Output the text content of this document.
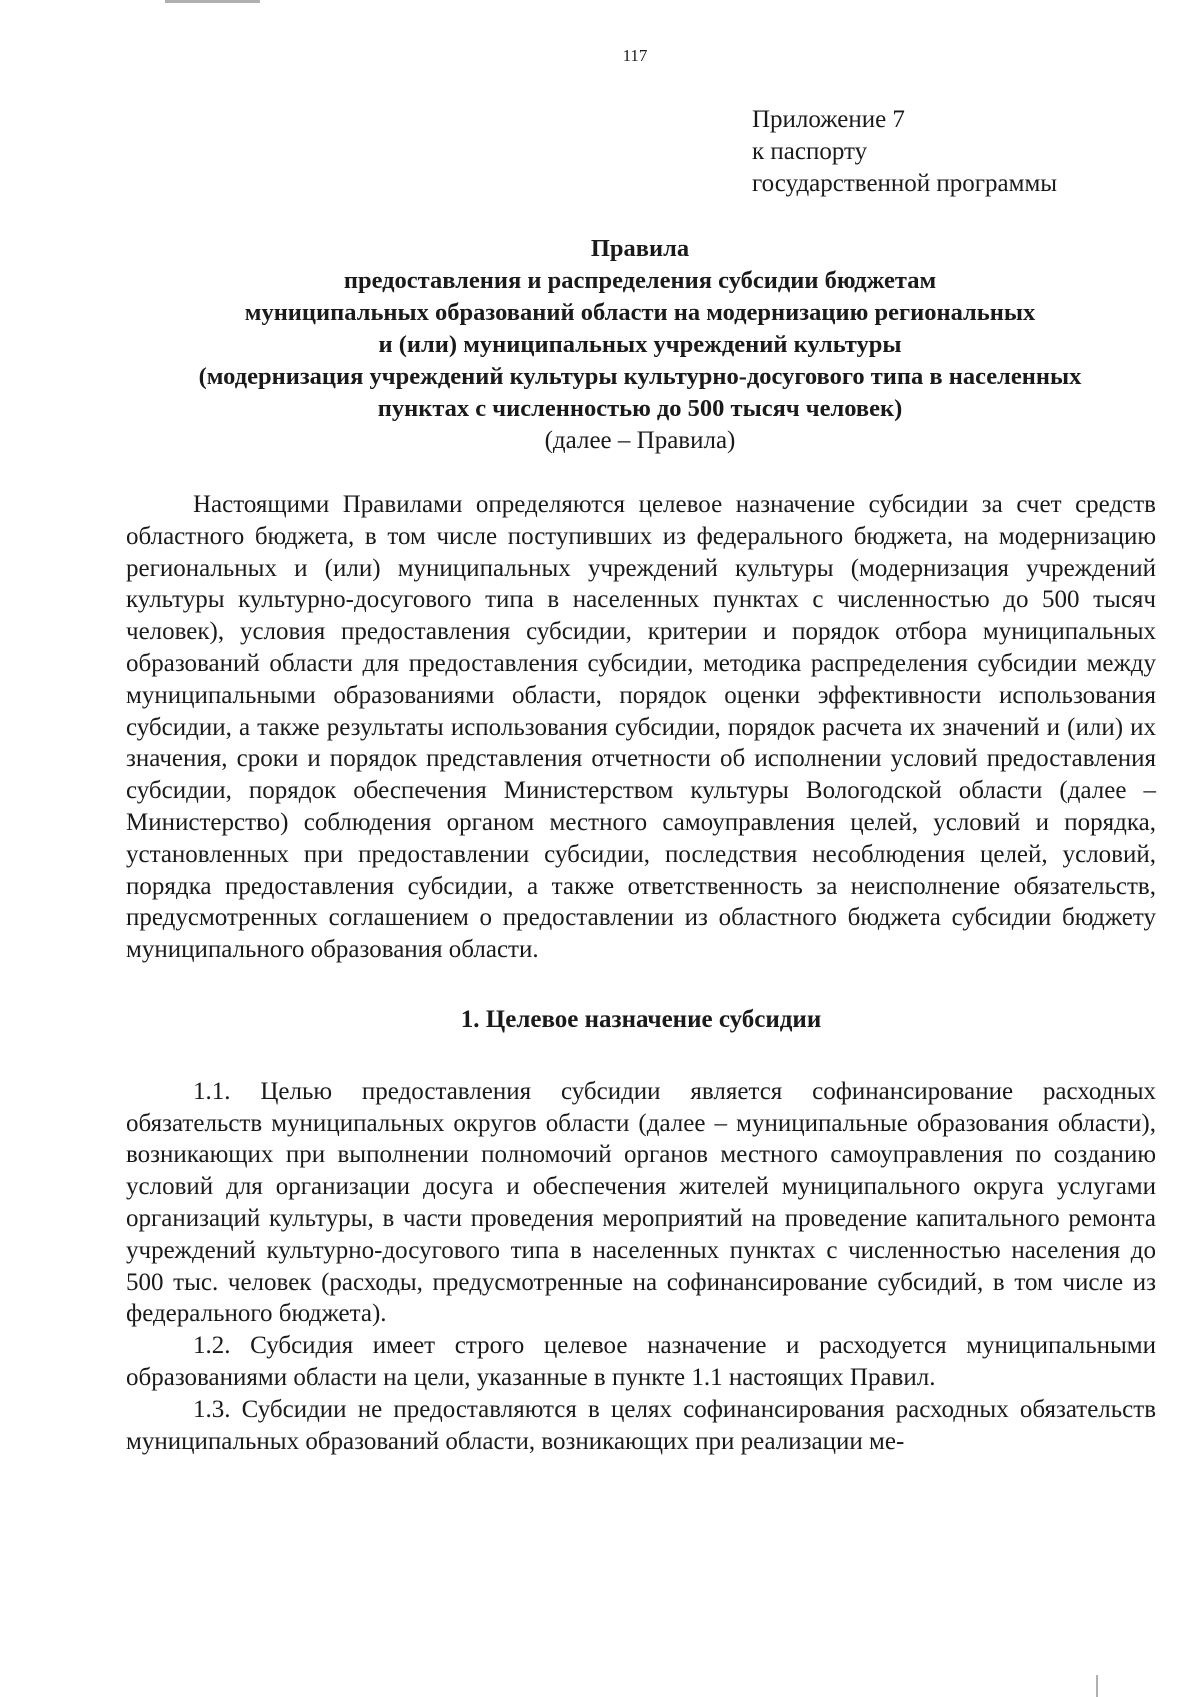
117
Приложение 7
к паспорту
государственной программы
Правила
предоставления и распределения субсидии бюджетам
муниципальных образований области на модернизацию региональных
и (или) муниципальных учреждений культуры
(модернизация учреждений культуры культурно-досугового типа в населенных
пунктах с численностью до 500 тысяч человек)
(далее – Правила)

Настоящими Правилами определяются целевое назначение субсидии за счет средств областного бюджета, в том числе поступивших из федерального бюджета, на модернизацию региональных и (или) муниципальных учреждений культуры (модернизация учреждений культуры культурно-досугового типа в населенных пунктах с численностью до 500 тысяч человек), условия предоставления субсидии, критерии и порядок отбора муниципальных образований области для предоставления субсидии, методика распределения субсидии между муниципальными образованиями области, порядок оценки эффективности использования субсидии, а также результаты использования субсидии, порядок расчета их значений и (или) их значения, сроки и порядок представления отчетности об исполнении условий предоставления субсидии, порядок обеспечения Министерством культуры Вологодской области (далее – Министерство) соблюдения органом местного самоуправления целей, условий и порядка, установленных при предоставлении субсидии, последствия несоблюдения целей, условий, порядка предоставления субсидии, а также ответственность за неисполнение обязательств, предусмотренных соглашением о предоставлении из областного бюджета субсидии бюджету муниципального образования области.

1. Целевое назначение субсидии

1.1. Целью предоставления субсидии является софинансирование расходных обязательств муниципальных округов области (далее – муниципальные образования области), возникающих при выполнении полномочий органов местного самоуправления по созданию условий для организации досуга и обеспечения жителей муниципального округа услугами организаций культуры, в части проведения мероприятий на проведение капитального ремонта учреждений культурно-досугового типа в населенных пунктах с численностью населения до 500 тыс. человек (расходы, предусмотренные на софинансирование субсидий, в том числе из федерального бюджета).

1.2. Субсидия имеет строго целевое назначение и расходуется муниципальными образованиями области на цели, указанные в пункте 1.1 настоящих Правил.

1.3. Субсидии не предоставляются в целях софинансирования расходных обязательств муниципальных образований области, возникающих при реализации ме-
